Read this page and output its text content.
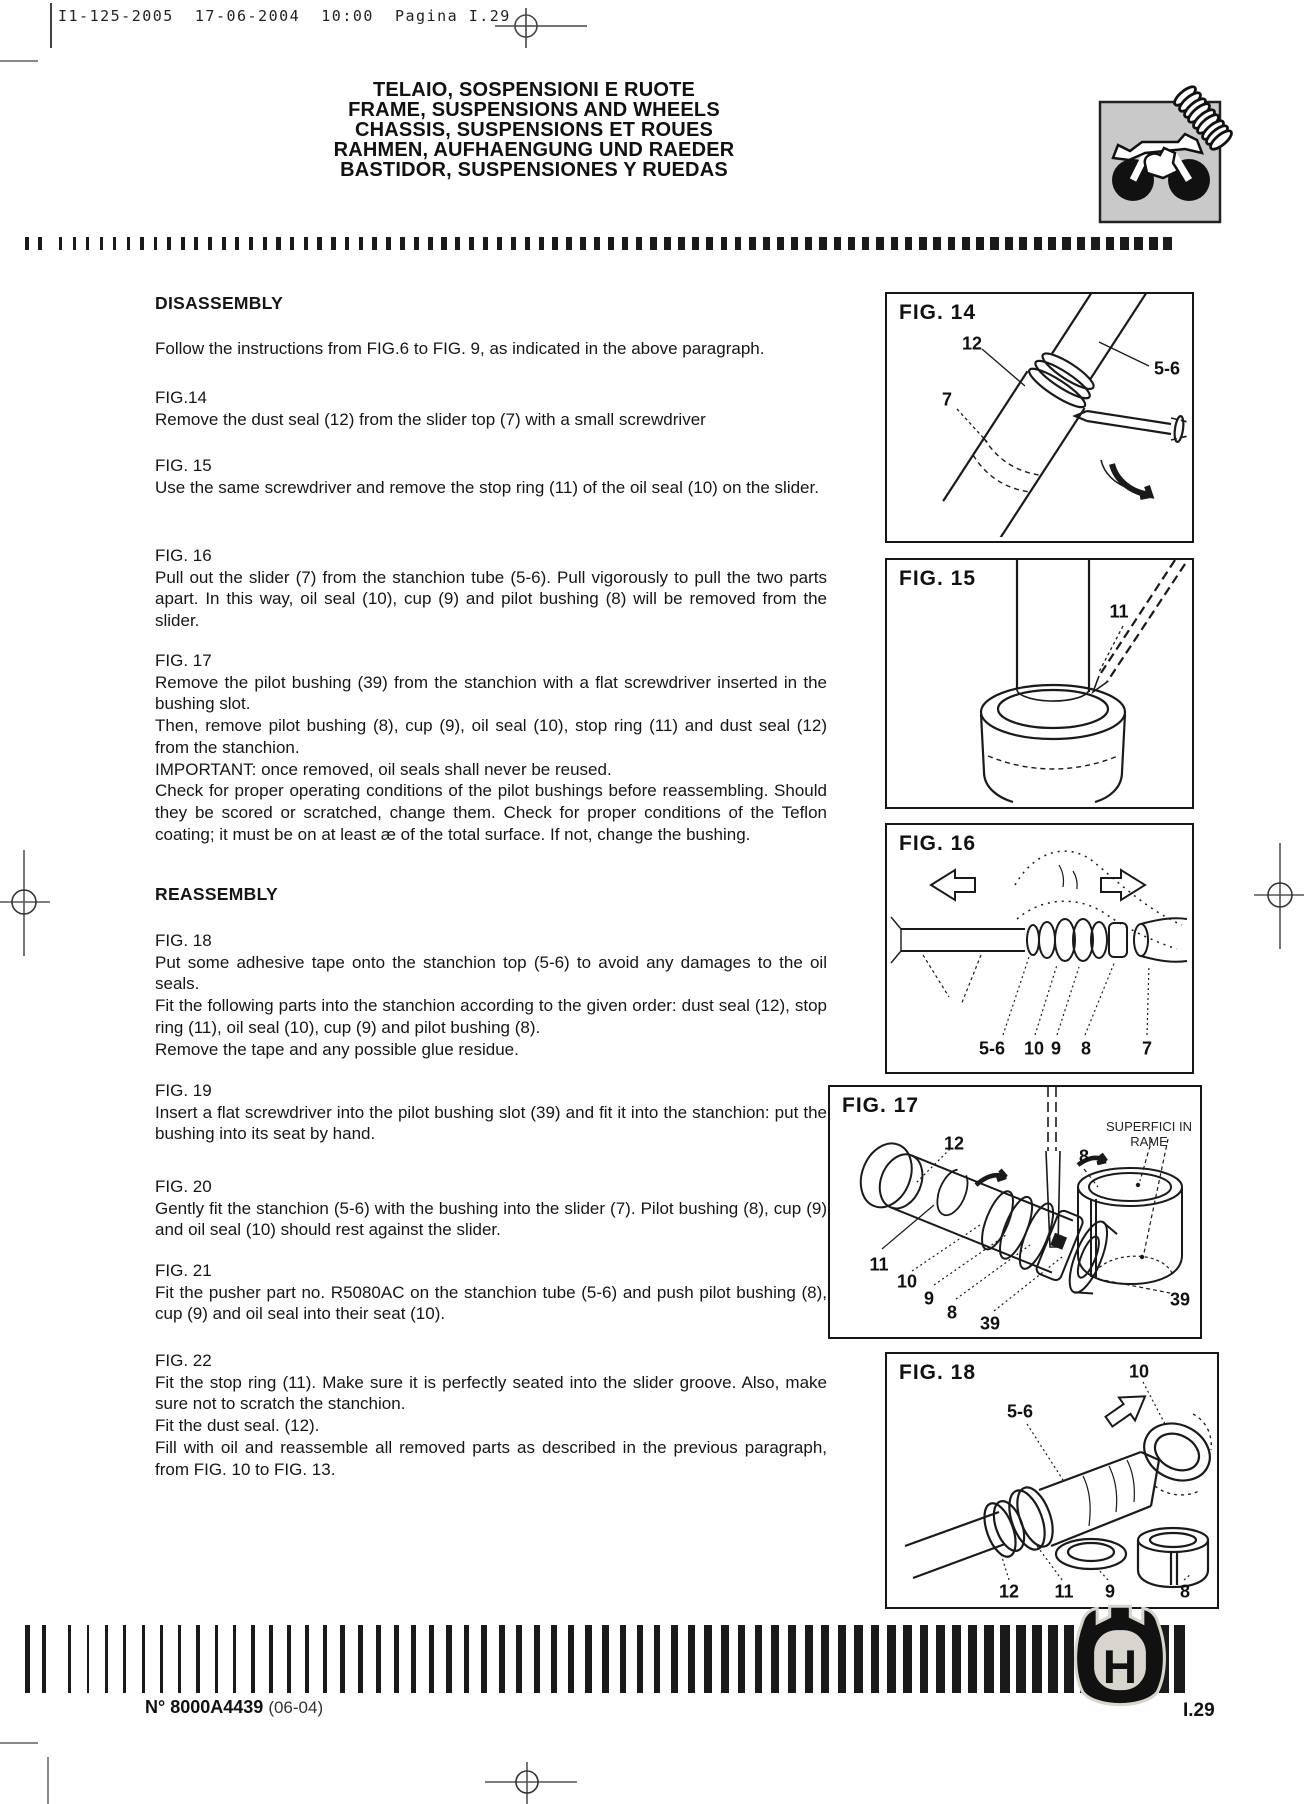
I1-125-2005  17-06-2004  10:00  Pagina I.29
TELAIO, SOSPENSIONI E RUOTE
FRAME, SUSPENSIONS AND WHEELS
CHASSIS, SUSPENSIONS ET ROUES
RAHMEN, AUFHAENGUNG UND RAEDER
BASTIDOR, SUSPENSIONES Y RUEDAS
DISASSEMBLY
Follow the instructions from FIG.6 to FIG. 9, as indicated in the above paragraph.
FIG.14
Remove the dust seal (12) from the slider top (7) with a small screwdriver
FIG. 15
Use the same screwdriver and remove the stop ring (11) of the oil seal (10) on the slider.
FIG. 16
Pull out the slider (7) from the stanchion tube (5-6). Pull vigorously to pull the two parts apart. In this way, oil seal (10), cup (9) and pilot bushing (8) will be removed from the slider.
FIG. 17
Remove the pilot bushing (39) from the stanchion with a flat screwdriver inserted in the bushing slot.
Then, remove pilot bushing (8), cup (9), oil seal (10), stop ring (11) and dust seal (12) from the stanchion.
IMPORTANT: once removed, oil seals shall never be reused.
Check for proper operating conditions of the pilot bushings before reassembling. Should they be scored or scratched, change them. Check for proper conditions of the Teflon coating; it must be on at least æ of the total surface. If not, change the bushing.
REASSEMBLY
FIG. 18
Put some adhesive tape onto the stanchion top (5-6) to avoid any damages to the oil seals.
Fit the following parts into the stanchion according to the given order: dust seal (12), stop ring (11), oil seal (10), cup (9) and pilot bushing (8).
Remove the tape and any possible glue residue.
FIG. 19
Insert a flat screwdriver into the pilot bushing slot (39) and fit it into the stanchion: put the bushing into its seat by hand.
FIG. 20
Gently fit the stanchion (5-6) with the bushing into the slider (7). Pilot bushing (8), cup (9) and oil seal (10) should rest against the slider.
FIG. 21
Fit the pusher part no. R5080AC on the stanchion tube (5-6) and push pilot bushing (8), cup (9) and oil seal into their seat (10).
FIG. 22
Fit the stop ring (11). Make sure it is perfectly seated into the slider groove. Also, make sure not to scratch the stanchion.
Fit the dust seal. (12).
Fill with oil and reassemble all removed parts as described in the previous paragraph, from FIG. 10 to FIG. 13.
FIG. 14
12
7
5-6
FIG. 15
11
FIG. 16
5-6 10 9 8	7
FIG. 17
12
11
10
9
8
39
8
39
SUPERFICI IN RAME
FIG. 18
5-6
10
12 11 9	8
H
N° 8000A4439 (06-04)	I.29
